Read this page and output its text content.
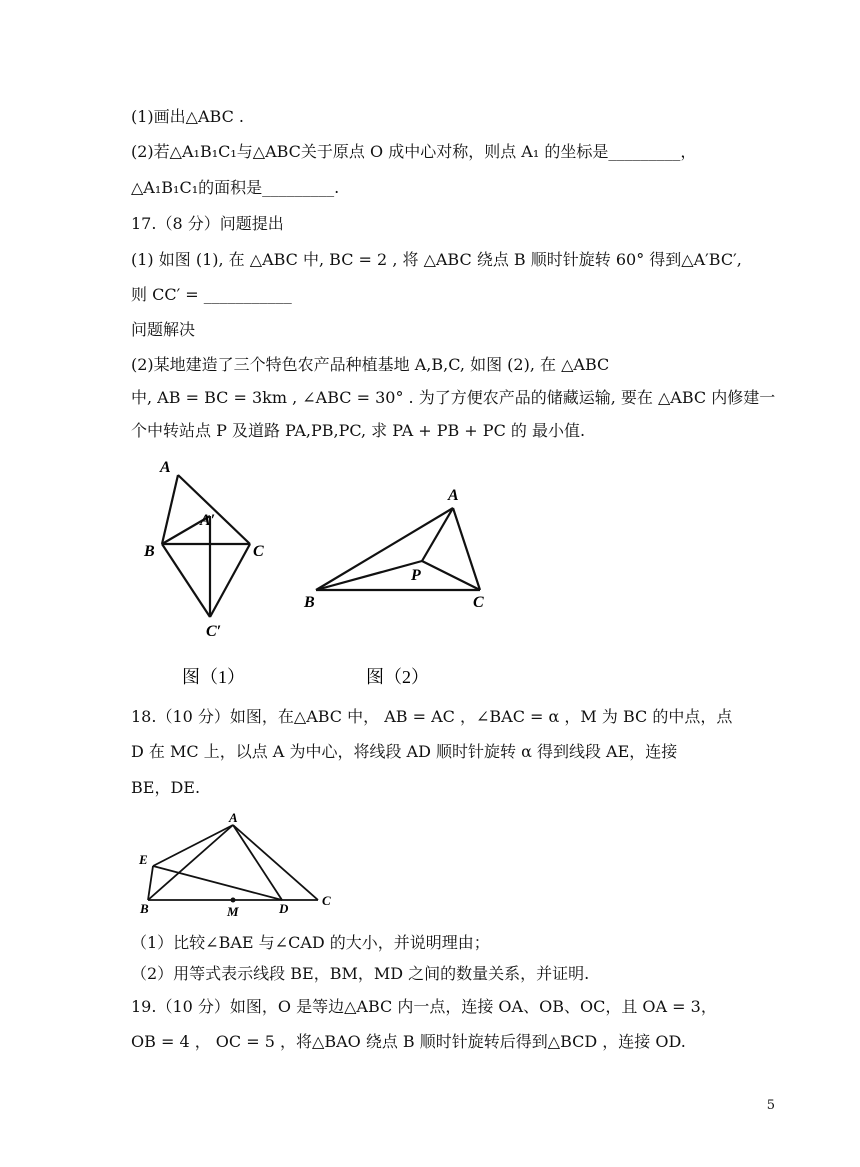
(1)画出△ABC .
(2)若△A₁B₁C₁与△ABC关于原点 O 成中心对称，则点 A₁ 的坐标是_________，
△A₁B₁C₁的面积是_________.
17.（8 分）问题提出
(1) 如图 (1), 在 △ABC 中, BC = 2 , 将 △ABC 绕点 B 顺时针旋转 60° 得到△A′BC′,
则 CC′ = ___________
问题解决
(2)某地建造了三个特色农产品种植基地 A,B,C, 如图 (2), 在 △ABC
中, AB = BC = 3km , ∠ABC = 30° . 为了方便农产品的储藏运输, 要在 △ABC 内修建一
个中转站点 P 及道路 PA,PB,PC, 求 PA + PB + PC 的 最小值.
A
A′
B	C
C′
图（1）
A
P
B	C
图（2）
18.（10 分）如图，在△ABC 中， AB = AC ，∠BAC = α ，M 为 BC 的中点，点
D 在 MC 上，以点 A 为中心，将线段 AD 顺时针旋转 α 得到线段 AE，连接
BE，DE.
A
E
B	M	D
C
（1）比较∠BAE 与∠CAD 的大小，并说明理由；
（2）用等式表示线段 BE，BM，MD 之间的数量关系，并证明.
19.（10 分）如图，O 是等边△ABC 内一点，连接 OA、OB、OC，且 OA = 3，
OB = 4 ， OC = 5 ，将△BAO 绕点 B 顺时针旋转后得到△BCD ，连接 OD.
5
